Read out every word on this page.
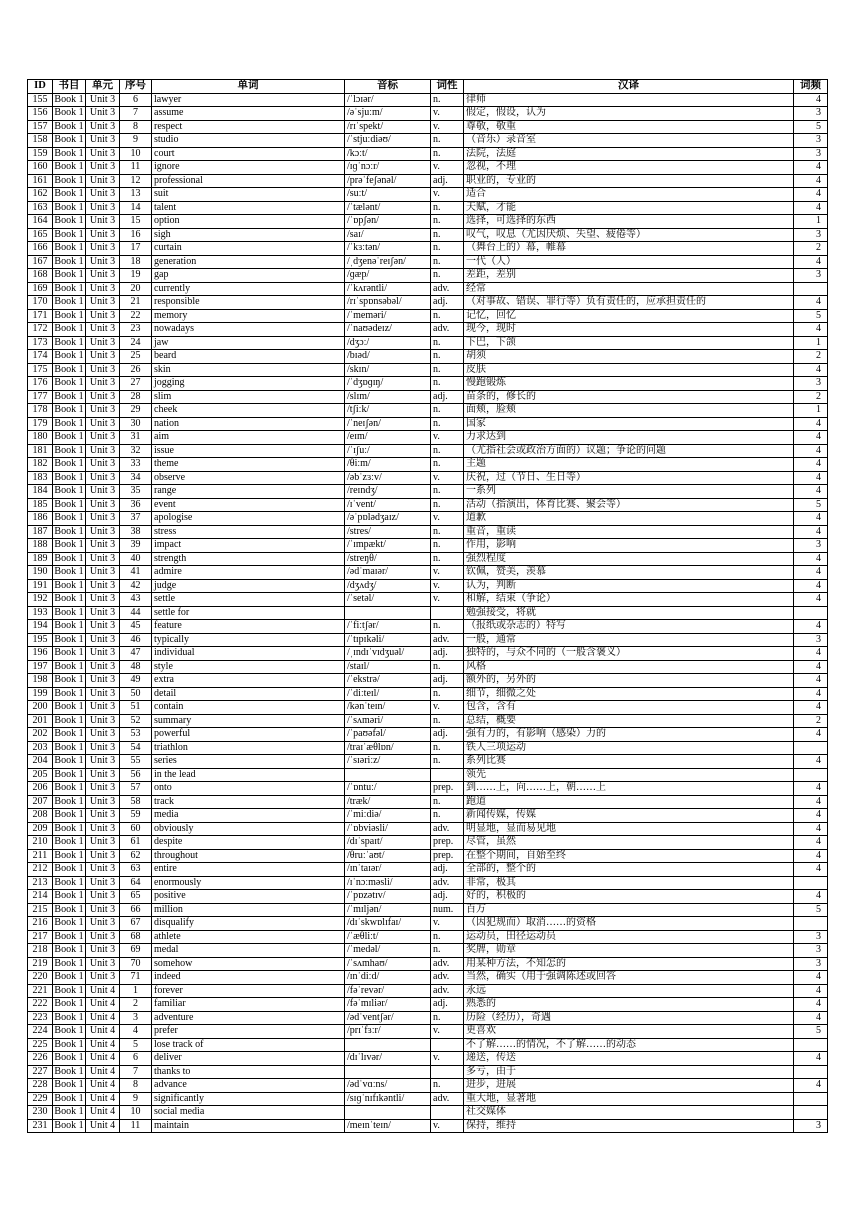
ID	书目	单元	序号	单词	音标	词性	汉译	词频
155	Book 1	Unit 3	6	lawyer	/ˈlɔɪər/	n.	律师	4
156	Book 1	Unit 3	7	assume	/əˈsjuːm/	v.	假定，假设，认为	3
157	Book 1	Unit 3	8	respect	/rɪˈspekt/	v.	尊敬，敬重	5
158	Book 1	Unit 3	9	studio	/ˈstjuːdiəʊ/	n.	（音乐）录音室	3
159	Book 1	Unit 3	10	court	/kɔːt/	n.	法院，法庭	3
160	Book 1	Unit 3	11	ignore	/ɪɡˈnɔːr/	v.	忽视，不理	4
161	Book 1	Unit 3	12	professional	/prəˈfeʃənəl/	adj.	职业的，专业的	4
162	Book 1	Unit 3	13	suit	/suːt/	v.	适合	4
163	Book 1	Unit 3	14	talent	/ˈtælənt/	n.	天赋，才能	4
164	Book 1	Unit 3	15	option	/ˈɒpʃən/	n.	选择，可选择的东西	1
165	Book 1	Unit 3	16	sigh	/saɪ/	n.	叹气，叹息（尤因厌烦、失望、疲倦等）	3
166	Book 1	Unit 3	17	curtain	/ˈkɜːtən/	n.	（舞台上的）幕，帷幕	2
167	Book 1	Unit 3	18	generation	/ˌdʒenəˈreɪʃən/	n.	一代（人）	4
168	Book 1	Unit 3	19	gap	/ɡæp/	n.	差距，差别	3
169	Book 1	Unit 3	20	currently	/ˈkʌrəntli/	adv.	经常	
170	Book 1	Unit 3	21	responsible	/rɪˈspɒnsəbəl/	adj.	（对事故、错误、罪行等）负有责任的，应承担责任的	4
171	Book 1	Unit 3	22	memory	/ˈmeməri/	n.	记忆，回忆	5
172	Book 1	Unit 3	23	nowadays	/ˈnaʊədeɪz/	adv.	现今，现时	4
173	Book 1	Unit 3	24	jaw	/dʒɔː/	n.	下巴，下颌	1
174	Book 1	Unit 3	25	beard	/bɪəd/	n.	胡须	2
175	Book 1	Unit 3	26	skin	/skɪn/	n.	皮肤	4
176	Book 1	Unit 3	27	jogging	/ˈdʒɒɡɪŋ/	n.	慢跑锻炼	3
177	Book 1	Unit 3	28	slim	/slɪm/	adj.	苗条的，修长的	2
178	Book 1	Unit 3	29	cheek	/tʃiːk/	n.	面颊，脸颊	1
179	Book 1	Unit 3	30	nation	/ˈneɪʃən/	n.	国家	4
180	Book 1	Unit 3	31	aim	/eɪm/	v.	力求达到	4
181	Book 1	Unit 3	32	issue	/ˈɪʃuː/	n.	（尤指社会或政治方面的）议题；争论的问题	4
182	Book 1	Unit 3	33	theme	/θiːm/	n.	主题	4
183	Book 1	Unit 3	34	observe	/əbˈzɜːv/	v.	庆祝，过（节日、生日等）	4
184	Book 1	Unit 3	35	range	/reɪndʒ/	n.	一系列	4
185	Book 1	Unit 3	36	event	/ɪˈvent/	n.	活动（指演出，体育比赛、聚会等）	5
186	Book 1	Unit 3	37	apologise	/əˈpɒlədʒaɪz/	v.	道歉	4
187	Book 1	Unit 3	38	stress	/stres/	n.	重音，重读	4
188	Book 1	Unit 3	39	impact	/ˈɪmpækt/	n.	作用，影响	3
189	Book 1	Unit 3	40	strength	/streŋθ/	n.	强烈程度	4
190	Book 1	Unit 3	41	admire	/ədˈmaɪər/	v.	钦佩，赞美，羡慕	4
191	Book 1	Unit 3	42	judge	/dʒʌdʒ/	v.	认为，判断	4
192	Book 1	Unit 3	43	settle	/ˈsetəl/	v.	和解，结束（争论）	4
193	Book 1	Unit 3	44	settle for			勉强接受，将就	
194	Book 1	Unit 3	45	feature	/ˈfiːtʃər/	n.	（报纸或杂志的）特写	4
195	Book 1	Unit 3	46	typically	/ˈtɪpɪkəli/	adv.	一般，通常	3
196	Book 1	Unit 3	47	individual	/ˌɪndɪˈvɪdʒuəl/	adj.	独特的，与众不同的（一般含褒义）	4
197	Book 1	Unit 3	48	style	/staɪl/	n.	风格	4
198	Book 1	Unit 3	49	extra	/ˈekstrə/	adj.	额外的，另外的	4
199	Book 1	Unit 3	50	detail	/ˈdiːteɪl/	n.	细节，细微之处	4
200	Book 1	Unit 3	51	contain	/kənˈteɪn/	v.	包含，含有	4
201	Book 1	Unit 3	52	summary	/ˈsʌməri/	n.	总结，概要	2
202	Book 1	Unit 3	53	powerful	/ˈpaʊəfəl/	adj.	强有力的，有影响（感染）力的	4
203	Book 1	Unit 3	54	triathlon	/traɪˈæθlɒn/	n.	铁人三项运动	
204	Book 1	Unit 3	55	series	/ˈsɪəriːz/	n.	系列比赛	4
205	Book 1	Unit 3	56	in the lead			领先	
206	Book 1	Unit 3	57	onto	/ˈɒntuː/	prep.	到……上，向……上，朝……上	4
207	Book 1	Unit 3	58	track	/træk/	n.	跑道	4
208	Book 1	Unit 3	59	media	/ˈmiːdiə/	n.	新闻传媒，传媒	4
209	Book 1	Unit 3	60	obviously	/ˈɒbviəsli/	adv.	明显地，显而易见地	4
210	Book 1	Unit 3	61	despite	/dɪˈspaɪt/	prep.	尽管，虽然	4
211	Book 1	Unit 3	62	throughout	/θruːˈaʊt/	prep.	在整个期间，自始至终	4
212	Book 1	Unit 3	63	entire	/ɪnˈtaɪər/	adj.	全部的，整个的	4
213	Book 1	Unit 3	64	enormously	/ɪˈnɔːməsli/	adv.	非常，极其	
214	Book 1	Unit 3	65	positive	/ˈpɒzətɪv/	adj.	好的，积极的	4
215	Book 1	Unit 3	66	million	/ˈmɪljən/	num.	百万	5
216	Book 1	Unit 3	67	disqualify	/dɪˈskwɒlɪfaɪ/	v.	（因犯规而）取消……的资格	
217	Book 1	Unit 3	68	athlete	/ˈæθliːt/	n.	运动员，田径运动员	3
218	Book 1	Unit 3	69	medal	/ˈmedəl/	n.	奖牌，勋章	3
219	Book 1	Unit 3	70	somehow	/ˈsʌmhaʊ/	adv.	用某种方法，不知怎的	3
220	Book 1	Unit 3	71	indeed	/ɪnˈdiːd/	adv.	当然，确实（用于强调陈述或回答	4
221	Book 1	Unit 4	1	forever	/fəˈrevər/	adv.	永远	4
222	Book 1	Unit 4	2	familiar	/fəˈmɪliər/	adj.	熟悉的	4
223	Book 1	Unit 4	3	adventure	/ədˈventʃər/	n.	历险（经历），奇遇	4
224	Book 1	Unit 4	4	prefer	/prɪˈfɜːr/	v.	更喜欢	5
225	Book 1	Unit 4	5	lose track of			不了解……的情况，不了解……的动态	
226	Book 1	Unit 4	6	deliver	/dɪˈlɪvər/	v.	递送，传送	4
227	Book 1	Unit 4	7	thanks to			多亏，由于	
228	Book 1	Unit 4	8	advance	/ədˈvɑːns/	n.	进步，进展	4
229	Book 1	Unit 4	9	significantly	/sɪɡˈnɪfɪkəntli/	adv.	重大地，显著地	
230	Book 1	Unit 4	10	social media			社交媒体	
231	Book 1	Unit 4	11	maintain	/meɪnˈteɪn/	v.	保持，维持	3
